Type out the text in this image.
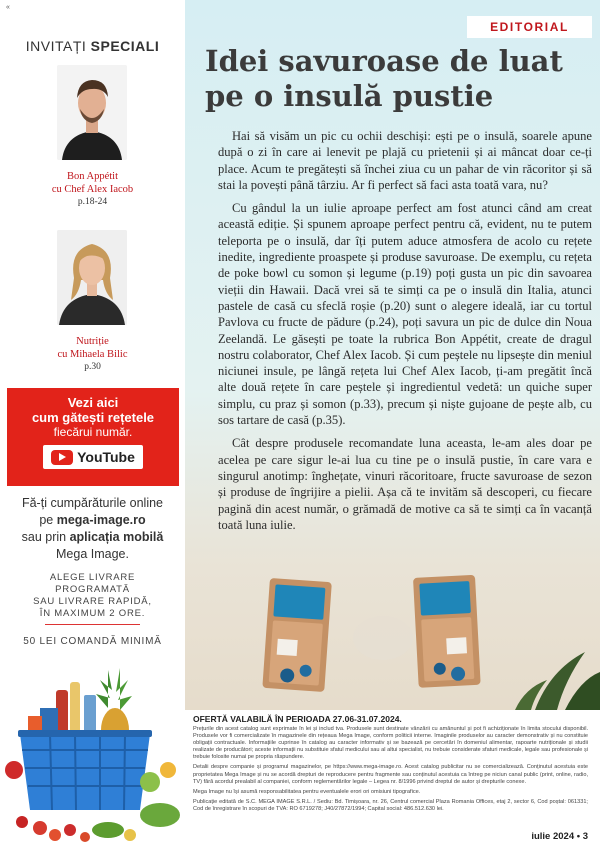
«
INVITAȚI SPECIALI
Bon Appétit
cu Chef Alex Iacob
p.18-24
Nutriție
cu Mihaela Bilic
p.30
Vezi aici
cum gătești rețetele
fiecărui număr.
YouTube
Fă-ți cumpărăturile online
pe mega-image.ro
sau prin aplicația mobilă
Mega Image.
ALEGE LIVRARE
PROGRAMATĂ
SAU LIVRARE RAPIDĂ,
ÎN MAXIMUM 2 ORE.
50 LEI COMANDĂ MINIMĂ
EDITORIAL
Idei savuroase de luat
pe o insulă pustie

Hai să visăm un pic cu ochii deschiși: ești pe o insulă, soarele apune după o zi în care ai lenevit pe plajă cu prietenii și ai mâncat doar ce-ți place. Acum te pregătești să închei ziua cu un pahar de vin răcoritor și să stai la povești până târziu. Ar fi perfect să faci asta toată vara, nu?

Cu gândul la un iulie aproape perfect am fost atunci când am creat această ediție. Și spunem aproape perfect pentru că, evident, nu te putem teleporta pe o insulă, dar îți putem aduce atmosfera de acolo cu rețete inedite, ingrediente proaspete și produse savuroase. De exemplu, cu rețeta de poke bowl cu somon și legume (p.19) poți gusta un pic din savoarea vieții din Hawaii. Dacă vrei să te simți ca pe o insulă din Italia, atunci pastele de casă cu sfeclă roșie (p.20) sunt o alegere ideală, iar cu tortul Pavlova cu fructe de pădure (p.24), poți savura un pic de dulce din Noua Zeelandă. Le găsești pe toate la rubrica Bon Appétit, create de dragul nostru colaborator, Chef Alex Iacob. Și cum peștele nu lipsește din meniul niciunei insule, pe lângă rețeta lui Chef Alex Iacob, ți-am pregătit încă alte două rețete în care peștele și ingredientul vedetă: un quiche super simplu, cu praz și somon (p.33), precum și niște gujoane de pește alb, cu sos tartare de casă (p.35).

Cât despre produsele recomandate luna aceasta, le-am ales doar pe acelea pe care sigur le-ai lua cu tine pe o insulă pustie, în care vara e singurul anotimp: înghețate, vinuri răcoritoare, fructe savuroase de sezon și produse de îngrijire a pielii. Așa că te invităm să descoperi, cu fiecare pagină din acest număr, o grămadă de motive ca să te simți ca în vacanță toată luna iulie.

OFERTĂ VALABILĂ ÎN PERIOADA 27.06-31.07.2024.

Prețurile din acest catalog sunt exprimate în lei și includ tva. Produsele sunt destinate vânzării cu amănuntul și pot fi achiziționate în limita stocului disponibil. Produsele vor fi comercializate în magazinele din rețeaua Mega Image, conform politicii interne. Imaginile produselor au caracter demonstrativ și nu constituie obligații contractuale. Informațiile cuprinse în catalog au caracter informativ și se bazează pe cercetări în domeniul alimentar, rapoarte nutriționale și studii realizate de producători; aceste informații nu substituie sfatul medicului sau al altui specialist, nu trebuie considerate sfaturi medicale, legale sau profesionale și trebuie folosite numai pe propria răspundere.

Detalii despre companie și programul magazinelor, pe https://www.mega-image.ro. Acest catalog publicitar nu se comercializează. Conținutul acestuia este proprietatea Mega Image și nu se acordă drepturi de reproducere pentru fragmente sau conținutul acestuia ca întreg pe niciun canal public (print, online, radio, TV) fără acordul prealabil al companiei, conform reglementărilor legale – Legea nr. 8/1996 privind dreptul de autor și drepturile conexe.

Mega Image nu își asumă responsabilitatea pentru eventualele erori ori omisiuni tipografice.

Publicație editată de S.C. MEGA IMAGE S.R.L. / Sediu: Bd. Timișoara, nr. 26, Centrul comercial Plaza Romania Offices, etaj 2, sector 6, Cod poștal: 061331; Cod de înregistrare în scopuri de TVA: RO 6719278; J40/27872/1994; Capital social: 486.512.630 lei.

iulie 2024 • 3
